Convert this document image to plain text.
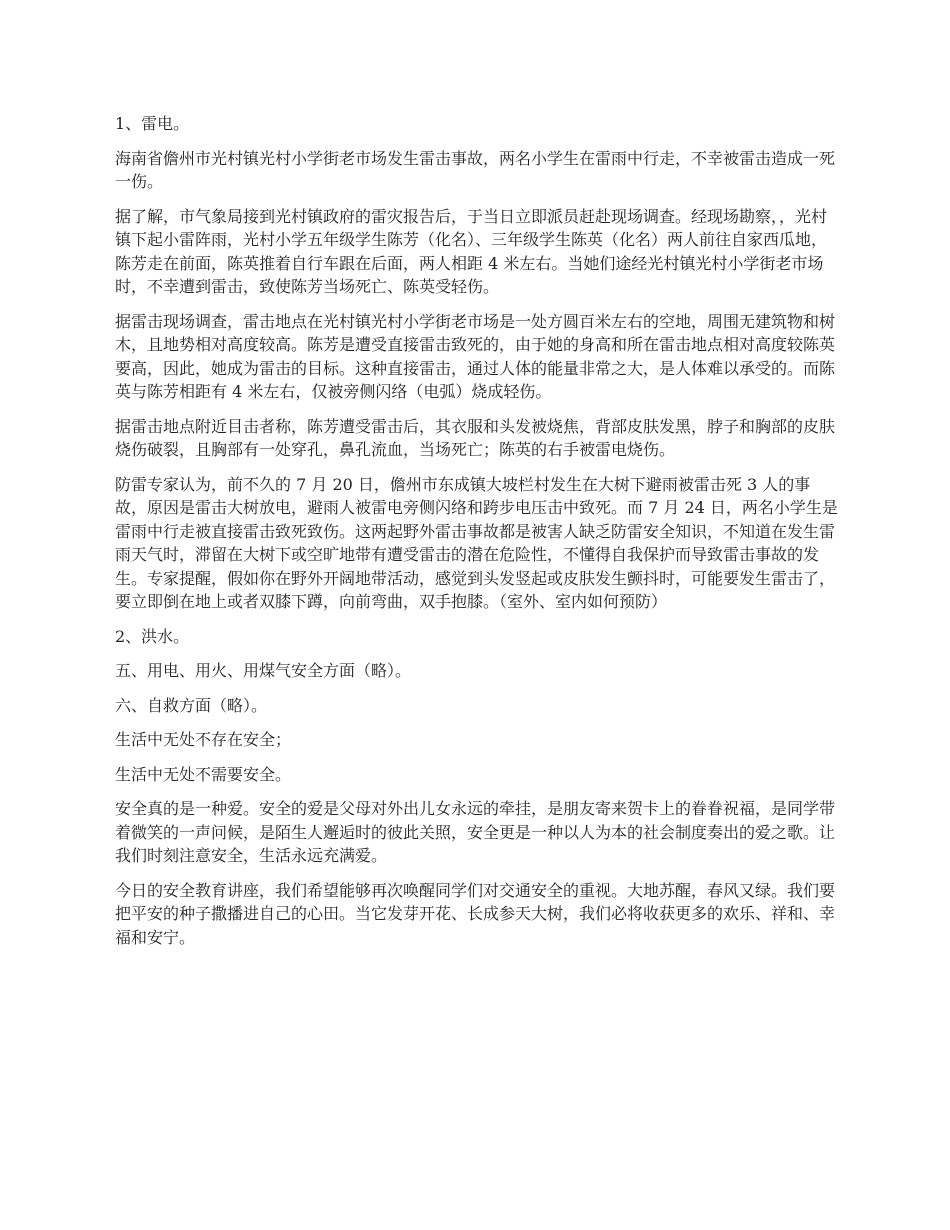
1、雷电。

海南省儋州市光村镇光村小学街老市场发生雷击事故，两名小学生在雷雨中行走，不幸被雷击造成一死一伤。

据了解，市气象局接到光村镇政府的雷灾报告后，于当日立即派员赶赴现场调查。经现场勘察，，光村镇下起小雷阵雨，光村小学五年级学生陈芳（化名）、三年级学生陈英（化名）两人前往自家西瓜地，陈芳走在前面，陈英推着自行车跟在后面，两人相距 4 米左右。当她们途经光村镇光村小学街老市场时，不幸遭到雷击，致使陈芳当场死亡、陈英受轻伤。

据雷击现场调查，雷击地点在光村镇光村小学街老市场是一处方圆百米左右的空地，周围无建筑物和树木，且地势相对高度较高。陈芳是遭受直接雷击致死的，由于她的身高和所在雷击地点相对高度较陈英要高，因此，她成为雷击的目标。这种直接雷击，通过人体的能量非常之大，是人体难以承受的。而陈英与陈芳相距有 4 米左右，仅被旁侧闪络（电弧）烧成轻伤。

据雷击地点附近目击者称，陈芳遭受雷击后，其衣服和头发被烧焦，背部皮肤发黑，脖子和胸部的皮肤烧伤破裂，且胸部有一处穿孔，鼻孔流血，当场死亡；陈英的右手被雷电烧伤。

防雷专家认为，前不久的 7 月 20 日，儋州市东成镇大坡栏村发生在大树下避雨被雷击死 3 人的事故，原因是雷击大树放电，避雨人被雷电旁侧闪络和跨步电压击中致死。而 7 月 24 日，两名小学生是雷雨中行走被直接雷击致死致伤。这两起野外雷击事故都是被害人缺乏防雷安全知识，不知道在发生雷雨天气时，滞留在大树下或空旷地带有遭受雷击的潜在危险性，不懂得自我保护而导致雷击事故的发生。专家提醒，假如你在野外开阔地带活动，感觉到头发竖起或皮肤发生颤抖时，可能要发生雷击了，要立即倒在地上或者双膝下蹲，向前弯曲，双手抱膝。（室外、室内如何预防）

2、洪水。

五、用电、用火、用煤气安全方面（略）。

六、自救方面（略）。

生活中无处不存在安全；

生活中无处不需要安全。

安全真的是一种爱。安全的爱是父母对外出儿女永远的牵挂，是朋友寄来贺卡上的眷眷祝福，是同学带着微笑的一声问候，是陌生人邂逅时的彼此关照，安全更是一种以人为本的社会制度奏出的爱之歌。让我们时刻注意安全，生活永远充满爱。

今日的安全教育讲座，我们希望能够再次唤醒同学们对交通安全的重视。大地苏醒，春风又绿。我们要把平安的种子撒播进自己的心田。当它发芽开花、长成参天大树，我们必将收获更多的欢乐、祥和、幸福和安宁。
